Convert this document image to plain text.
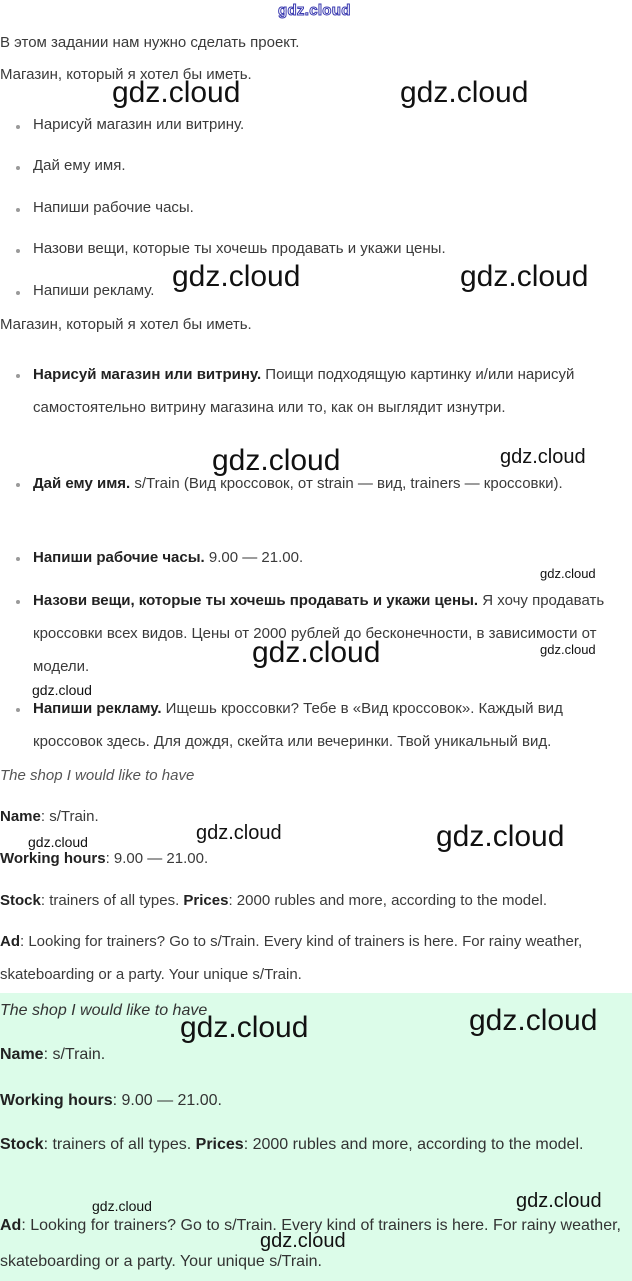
gdz.cloud
В этом задании нам нужно сделать проект.
Магазин, который я хотел бы иметь.
Нарисуй магазин или витрину.
Дай ему имя.
Напиши рабочие часы.
Назови вещи, которые ты хочешь продавать и укажи цены.
Напиши рекламу.
Магазин, который я хотел бы иметь.
Нарисуй магазин или витрину. Поищи подходящую картинку и/или нарисуй самостоятельно витрину магазина или то, как он выглядит изнутри.
Дай ему имя. s/Train (Вид кроссовок, от strain — вид, trainers — кроссовки).
Напиши рабочие часы. 9.00 — 21.00.
Назови вещи, которые ты хочешь продавать и укажи цены. Я хочу продавать кроссовки всех видов. Цены от 2000 рублей до бесконечности, в зависимости от модели.
Напиши рекламу. Ищешь кроссовки? Тебе в «Вид кроссовок». Каждый вид кроссовок здесь. Для дождя, скейта или вечеринки. Твой уникальный вид.
The shop I would like to have
Name: s/Train.
Working hours: 9.00 — 21.00.
Stock: trainers of all types. Prices: 2000 rubles and more, according to the model.
Ad: Looking for trainers? Go to s/Train. Every kind of trainers is here. For rainy weather, skateboarding or a party. Your unique s/Train.
The shop I would like to have
Name: s/Train.
Working hours: 9.00 — 21.00.
Stock: trainers of all types. Prices: 2000 rubles and more, according to the model.
Ad: Looking for trainers? Go to s/Train. Every kind of trainers is here. For rainy weather, skateboarding or a party. Your unique s/Train.
gdz.cloud	gdz.cloud
gdz.cloud	gdz.cloud
gdz.cloud	gdz.cloud
gdz.cloud
gdz.cloud	gdz.cloud
gdz.cloud
gdz.cloud
gdz.cloud	gdz.cloud
gdz.cloud	gdz.cloud
gdz.cloud	gdz.cloud
gdz.cloud
